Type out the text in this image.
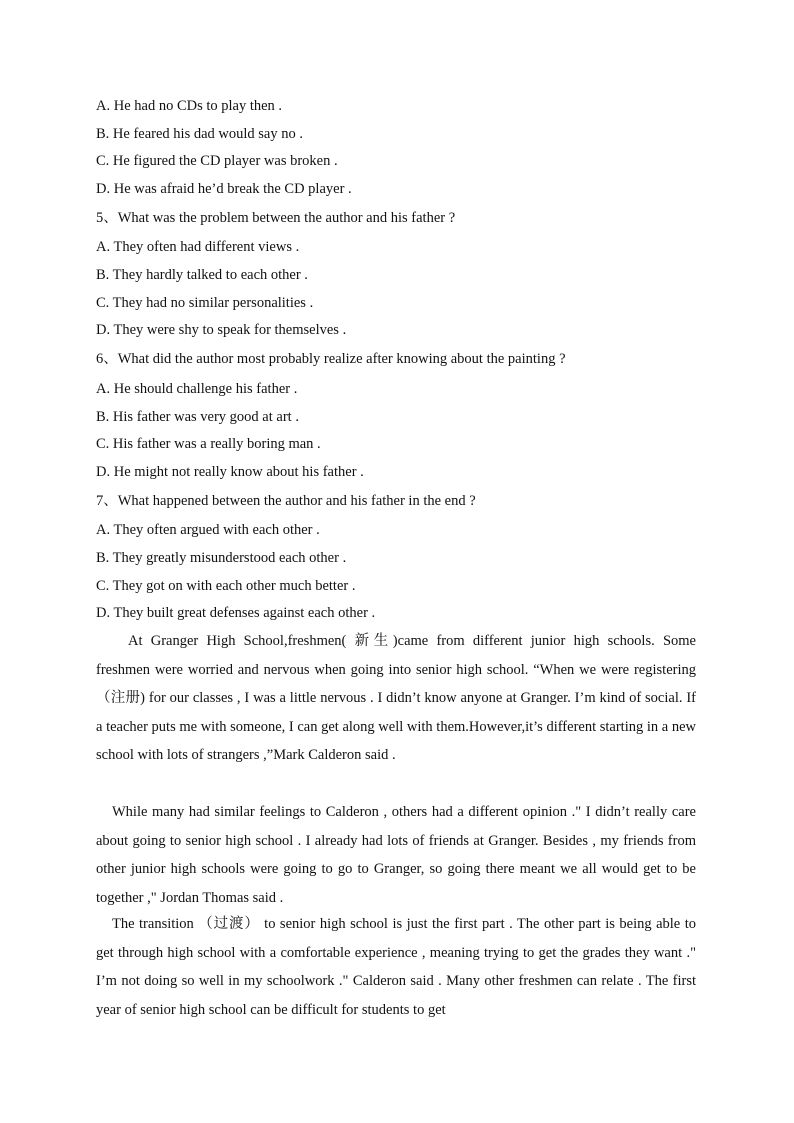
A. He had no CDs to play then .
B. He feared his dad would say no .
C. He figured the CD player was broken .
D. He was afraid he’d break the CD player .
5、What was the problem between the author and his father ?
A. They often had different views .
B. They hardly talked to each other .
C. They had no similar personalities .
D. They were shy to speak for themselves .
6、What did the author most probably realize after knowing about the painting ?
A. He should challenge his father .
B. His father was very good at art .
C. His father was a really boring man .
D. He might not really know about his father .
7、What happened between the author and his father in the end ?
A. They often argued with each other .
B. They greatly misunderstood each other .
C. They got on with each other much better .
D. They built great defenses against each other .
At Granger High School,freshmen( 新生)came from different junior high schools. Some freshmen were worried and nervous when going into senior high school. “When we were registering （注册) for our classes , I was a little nervous . I didn’t know anyone at Granger. I’m kind of social. If a teacher puts me with someone, I can get along well with them.However,it’s different starting in a new school with lots of strangers ,”Mark Calderon said .
While many had similar feelings to Calderon , others had a different opinion ." I didn’t really care about going to senior high school . I already had lots of friends at Granger. Besides , my friends from other junior high schools were going to go to Granger, so going there meant we all would get to be together ," Jordan Thomas said .
The transition （过渡） to senior high school is just the first part . The other part is being able to get through high school with a comfortable experience , meaning trying to get the grades they want ." I’m not doing so well in my schoolwork ." Calderon said . Many other freshmen can relate . The first year of senior high school can be difficult for students to get
